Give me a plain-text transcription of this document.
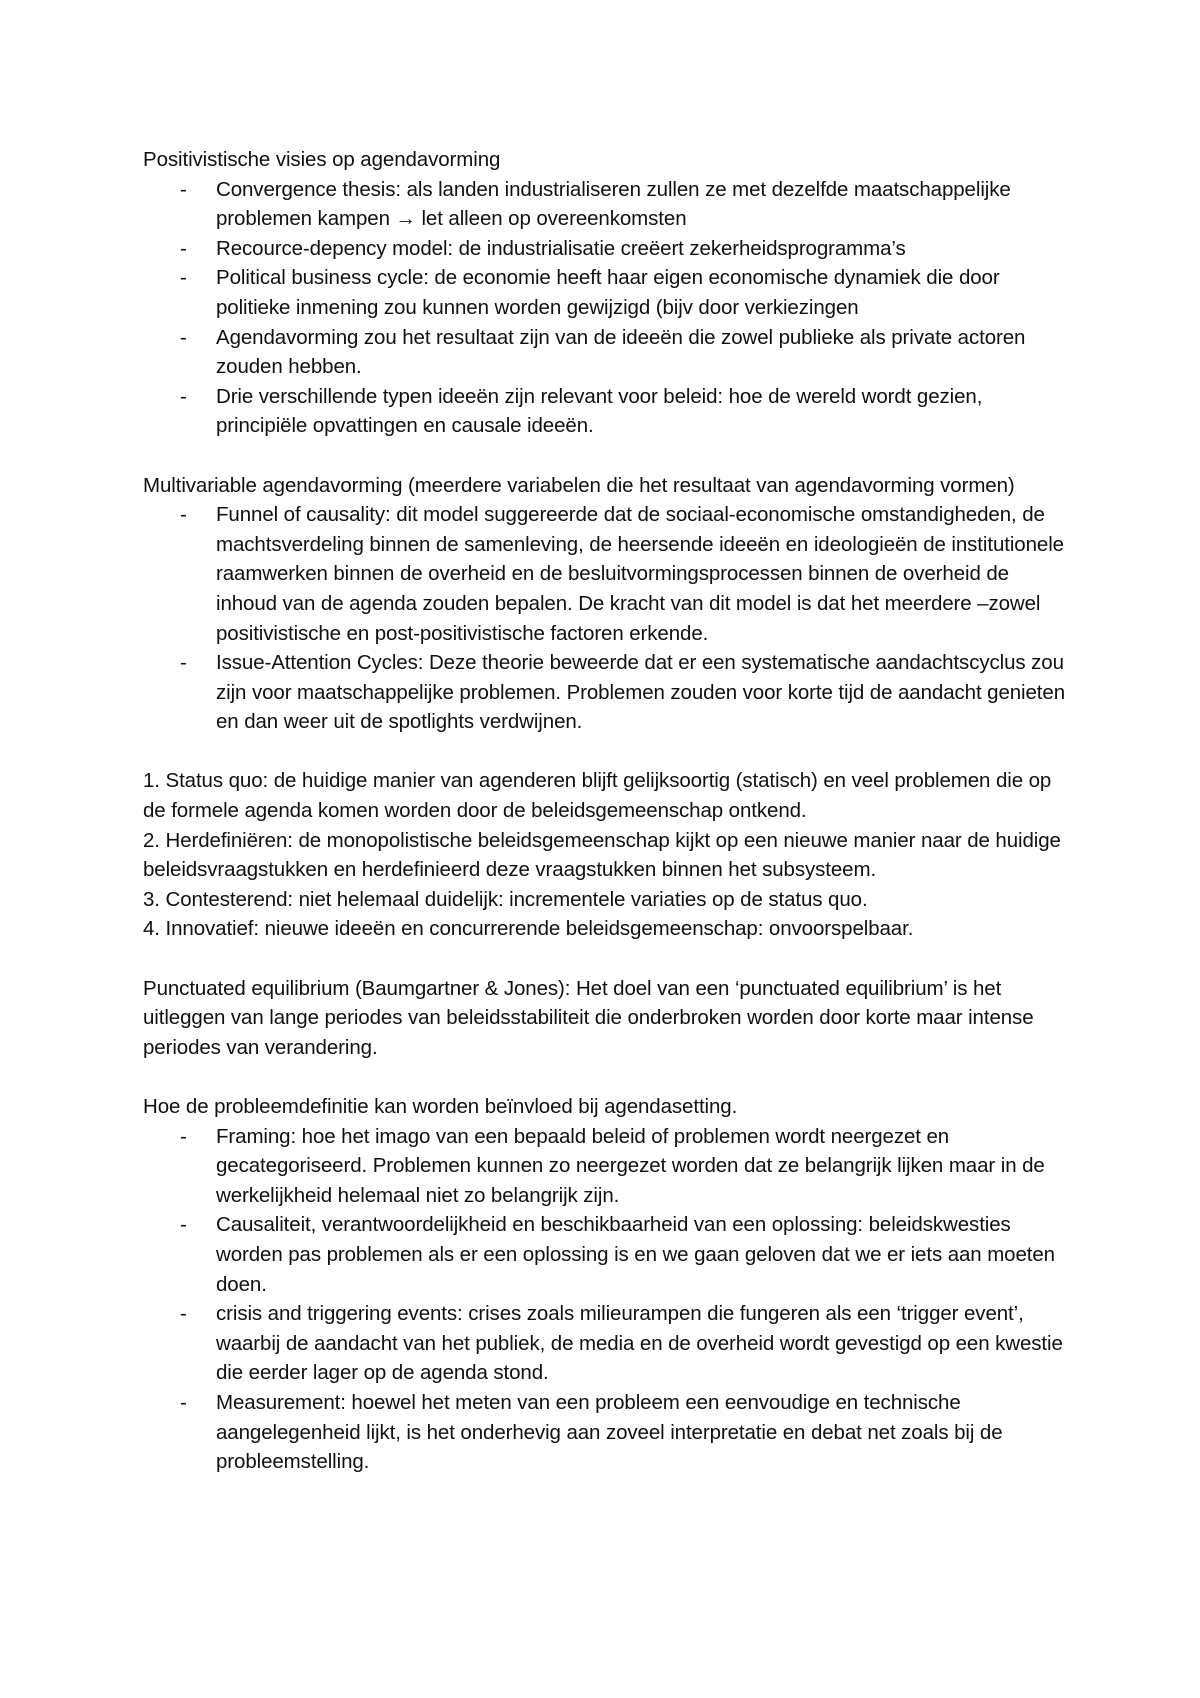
Positivistische visies op agendavorming

- Convergence thesis: als landen industrialiseren zullen ze met dezelfde maatschappelijke problemen kampen → let alleen op overeenkomsten
- Recource-depency model: de industrialisatie creëert zekerheidsprogramma’s
- Political business cycle: de economie heeft haar eigen economische dynamiek die door politieke inmening zou kunnen worden gewijzigd (bijv door verkiezingen
- Agendavorming zou het resultaat zijn van de ideeën die zowel publieke als private actoren zouden hebben.
- Drie verschillende typen ideeën zijn relevant voor beleid: hoe de wereld wordt gezien, principiële opvattingen en causale ideeën.

Multivariable agendavorming (meerdere variabelen die het resultaat van agendavorming vormen)

- Funnel of causality: dit model suggereerde dat de sociaal-economische omstandigheden, de machtsverdeling binnen de samenleving, de heersende ideeën en ideologieën de institutionele raamwerken binnen de overheid en de besluitvormingsprocessen binnen de overheid de inhoud van de agenda zouden bepalen. De kracht van dit model is dat het meerdere –zowel positivistische en post-positivistische factoren erkende.
- Issue-Attention Cycles: Deze theorie beweerde dat er een systematische aandachtscyclus zou zijn voor maatschappelijke problemen. Problemen zouden voor korte tijd de aandacht genieten en dan weer uit de spotlights verdwijnen.

1. Status quo: de huidige manier van agenderen blijft gelijksoortig (statisch) en veel problemen die op de formele agenda komen worden door de beleidsgemeenschap ontkend.

2. Herdefiniëren: de monopolistische beleidsgemeenschap kijkt op een nieuwe manier naar de huidige beleidsvraagstukken en herdefinieerd deze vraagstukken binnen het subsysteem.

3. Contesterend: niet helemaal duidelijk: incrementele variaties op de status quo.

4. Innovatief: nieuwe ideeën en concurrerende beleidsgemeenschap: onvoorspelbaar.

Punctuated equilibrium (Baumgartner & Jones): Het doel van een ‘punctuated equilibrium’ is het uitleggen van lange periodes van beleidsstabiliteit die onderbroken worden door korte maar intense periodes van verandering.

Hoe de probleemdefinitie kan worden beïnvloed bij agendasetting.

- Framing: hoe het imago van een bepaald beleid of problemen wordt neergezet en gecategoriseerd. Problemen kunnen zo neergezet worden dat ze belangrijk lijken maar in de werkelijkheid helemaal niet zo belangrijk zijn.
- Causaliteit, verantwoordelijkheid en beschikbaarheid van een oplossing: beleidskwesties worden pas problemen als er een oplossing is en we gaan geloven dat we er iets aan moeten doen.
- crisis and triggering events: crises zoals milieurampen die fungeren als een ‘trigger event’, waarbij de aandacht van het publiek, de media en de overheid wordt gevestigd op een kwestie die eerder lager op de agenda stond.
- Measurement: hoewel het meten van een probleem een eenvoudige en technische aangelegenheid lijkt, is het onderhevig aan zoveel interpretatie en debat net zoals bij de probleemstelling.
